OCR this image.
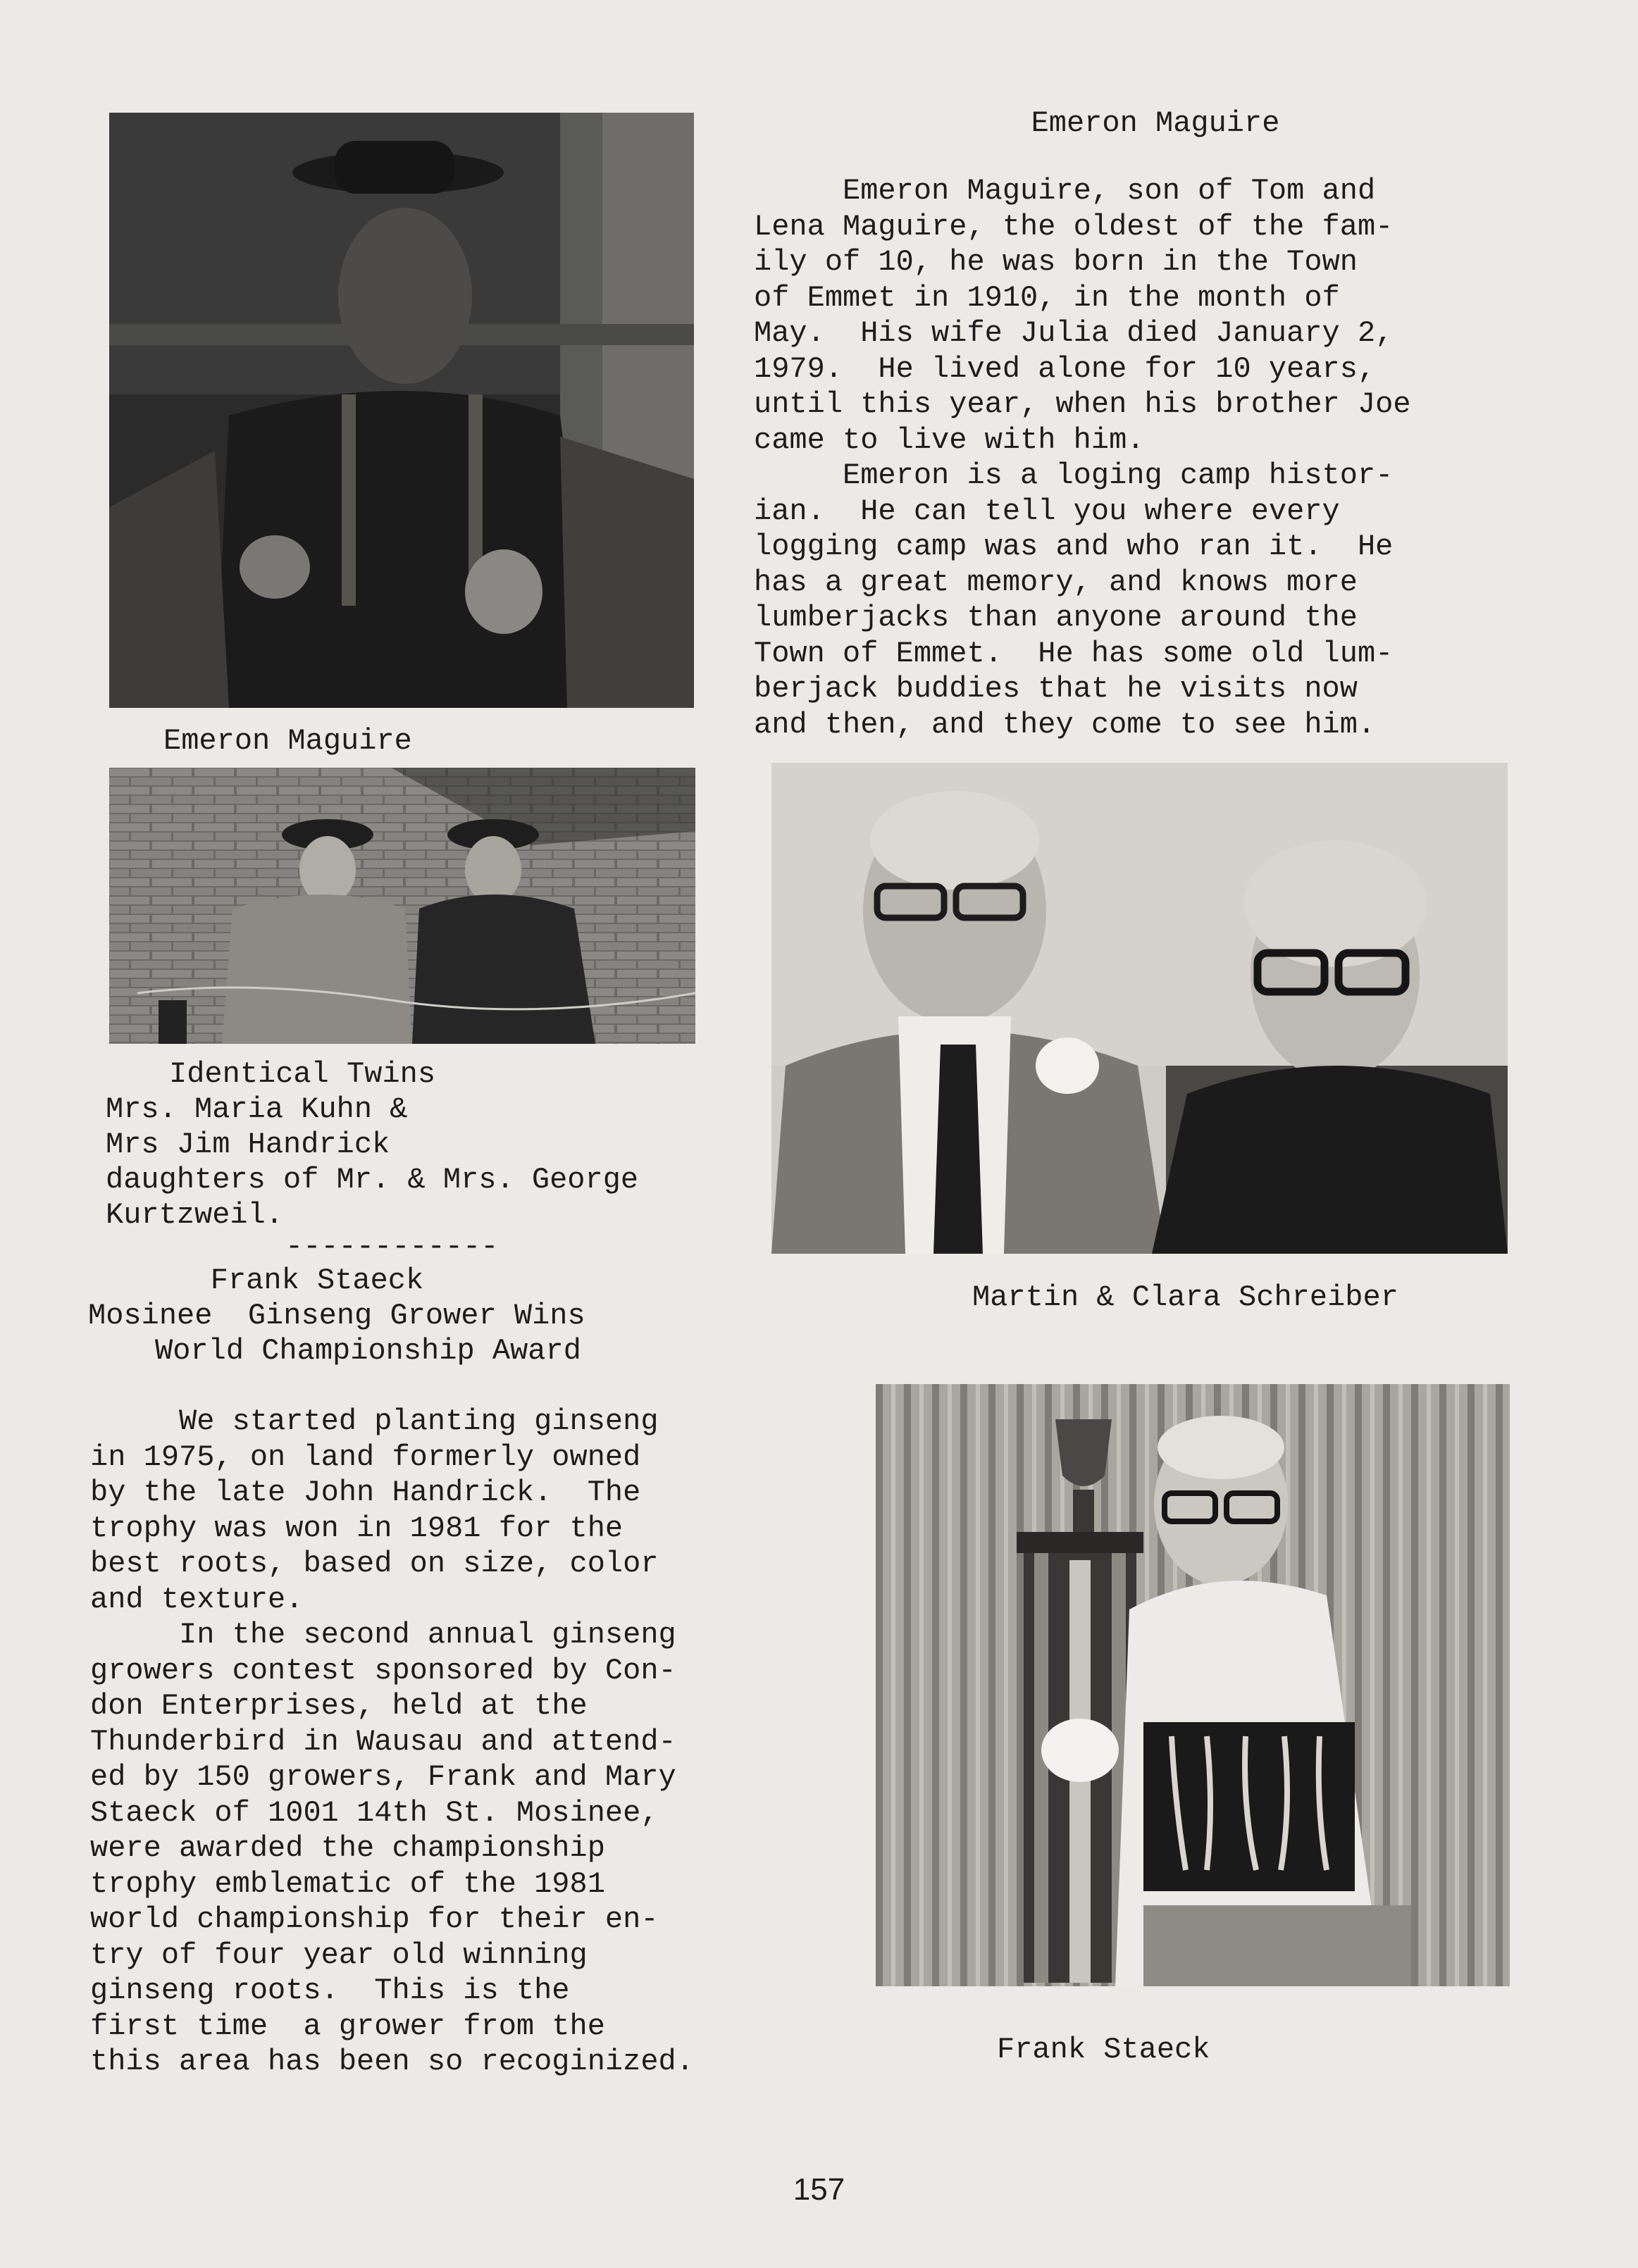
Emeron Maguire
Emeron Maguire
Emeron Maguire, son of Tom and
Lena Maguire, the oldest of the fam-
ily of 10, he was born in the Town
of Emmet in 1910, in the month of
May.  His wife Julia died January 2,
1979.  He lived alone for 10 years,
until this year, when his brother Joe
came to live with him.
Emeron is a loging camp histor-
ian.  He can tell you where every
logging camp was and who ran it.  He
has a great memory, and knows more
lumberjacks than anyone around the
Town of Emmet.  He has some old lum-
berjack buddies that he visits now
and then, and they come to see him.
Identical Twins
Mrs. Maria Kuhn &
Mrs Jim Handrick
daughters of Mr. & Mrs. George
Kurtzweil.
------------
Frank Staeck
Mosinee  Ginseng Grower Wins
World Championship Award
We started planting ginseng
in 1975, on land formerly owned
by the late John Handrick.  The
trophy was won in 1981 for the
best roots, based on size, color
and texture.
In the second annual ginseng
growers contest sponsored by Con-
don Enterprises, held at the
Thunderbird in Wausau and attend-
ed by 150 growers, Frank and Mary
Staeck of 1001 14th St. Mosinee,
were awarded the championship
trophy emblematic of the 1981
world championship for their en-
try of four year old winning
ginseng roots.  This is the
first time  a grower from the
this area has been so recoginized.
Martin & Clara Schreiber
Frank Staeck
157
